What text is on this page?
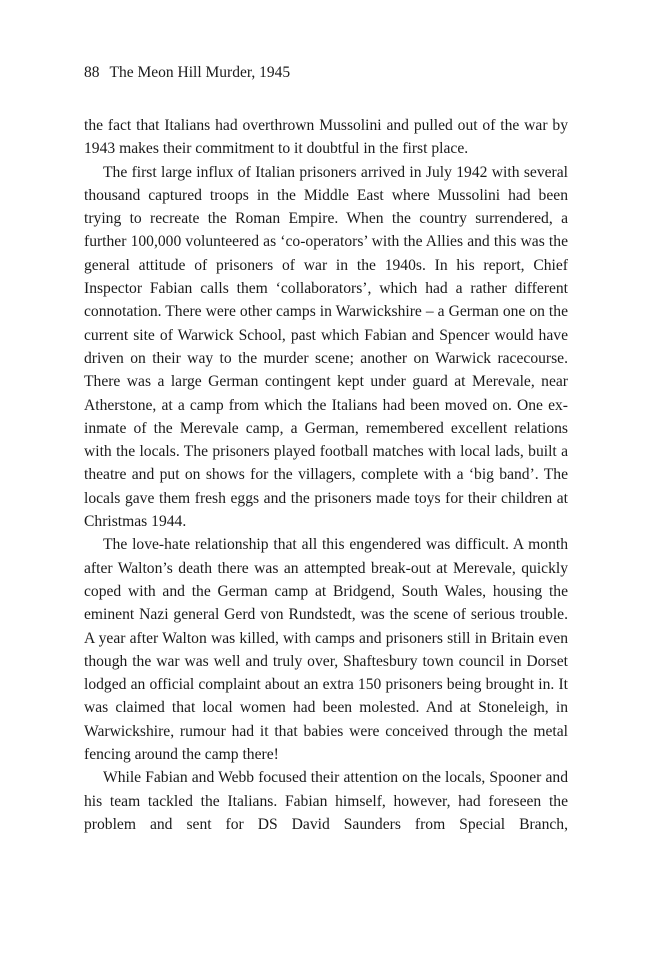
88 The Meon Hill Murder, 1945

the fact that Italians had overthrown Mussolini and pulled out of the war by 1943 makes their commitment to it doubtful in the first place.

The first large influx of Italian prisoners arrived in July 1942 with several thousand captured troops in the Middle East where Mussolini had been trying to recreate the Roman Empire. When the country surrendered, a further 100,000 volunteered as ‘co-operators’ with the Allies and this was the general attitude of prisoners of war in the 1940s. In his report, Chief Inspector Fabian calls them ‘collaborators’, which had a rather different connotation. There were other camps in Warwickshire – a German one on the current site of Warwick School, past which Fabian and Spencer would have driven on their way to the murder scene; another on Warwick racecourse. There was a large German contingent kept under guard at Merevale, near Atherstone, at a camp from which the Italians had been moved on. One ex-inmate of the Merevale camp, a German, remembered excellent relations with the locals. The prisoners played football matches with local lads, built a theatre and put on shows for the villagers, complete with a ‘big band’. The locals gave them fresh eggs and the prisoners made toys for their children at Christmas 1944.

The love-hate relationship that all this engendered was difficult. A month after Walton’s death there was an attempted break-out at Merevale, quickly coped with and the German camp at Bridgend, South Wales, housing the eminent Nazi general Gerd von Rundstedt, was the scene of serious trouble. A year after Walton was killed, with camps and prisoners still in Britain even though the war was well and truly over, Shaftesbury town council in Dorset lodged an official complaint about an extra 150 prisoners being brought in. It was claimed that local women had been molested. And at Stoneleigh, in Warwickshire, rumour had it that babies were conceived through the metal fencing around the camp there!

While Fabian and Webb focused their attention on the locals, Spooner and his team tackled the Italians. Fabian himself, however, had foreseen the problem and sent for DS David Saunders from Special Branch,
